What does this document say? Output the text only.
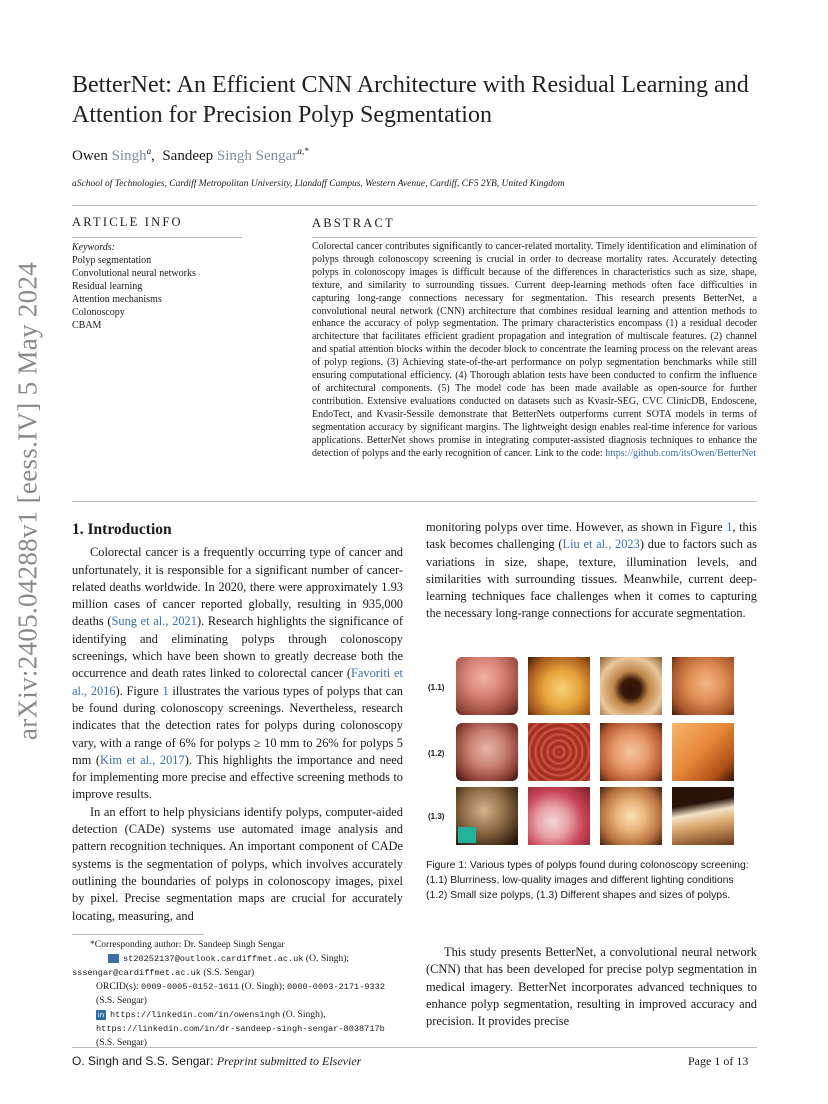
arXiv:2405.04288v1 [eess.IV] 5 May 2024
BetterNet: An Efficient CNN Architecture with Residual Learning and Attention for Precision Polyp Segmentation
Owen Singh$^a$,  Sandeep Singh Sengar$^{a,*}$
aSchool of Technologies, Cardiff Metropolitan University, Llandaff Campus, Western Avenue, Cardiff, CF5 2YB, United Kingdom
ARTICLE INFO
Keywords:
Polyp segmentation
Convolutional neural networks
Residual learning
Attention mechanisms
Colonoscopy
CBAM
ABSTRACT
Colorectal cancer contributes significantly to cancer-related mortality. Timely identification and elimination of polyps through colonoscopy screening is crucial in order to decrease mortality rates. Accurately detecting polyps in colonoscopy images is difficult because of the differences in characteristics such as size, shape, texture, and similarity to surrounding tissues. Current deep-learning methods often face difficulties in capturing long-range connections necessary for segmentation. This research presents BetterNet, a convolutional neural network (CNN) architecture that combines residual learning and attention methods to enhance the accuracy of polyp segmentation. The primary characteristics encompass (1) a residual decoder architecture that facilitates efficient gradient propagation and integration of multiscale features. (2) channel and spatial attention blocks within the decoder block to concentrate the learning process on the relevant areas of polyp regions. (3) Achieving state-of-the-art performance on polyp segmentation benchmarks while still ensuring computational efficiency. (4) Thorough ablation tests have been conducted to confirm the influence of architectural components. (5) The model code has been made available as open-source for further contribution. Extensive evaluations conducted on datasets such as Kvasir-SEG, CVC ClinicDB, Endoscene, EndoTect, and Kvasir-Sessile demonstrate that BetterNets outperforms current SOTA models in terms of segmentation accuracy by significant margins. The lightweight design enables real-time inference for various applications. BetterNet shows promise in integrating computer-assisted diagnosis techniques to enhance the detection of polyps and the early recognition of cancer. Link to the code: https://github.com/itsOwen/BetterNet
1. Introduction

Colorectal cancer is a frequently occurring type of cancer and unfortunately, it is responsible for a significant number of cancer-related deaths worldwide. In 2020, there were approximately 1.93 million cases of cancer reported globally, resulting in 935,000 deaths (Sung et al., 2021). Research highlights the significance of identifying and eliminating polyps through colonoscopy screenings, which have been shown to greatly decrease both the occurrence and death rates linked to colorectal cancer (Favoriti et al., 2016). Figure 1 illustrates the various types of polyps that can be found during colonoscopy screenings. Nevertheless, research indicates that the detection rates for polyps during colonoscopy vary, with a range of 6% for polyps ≥ 10 mm to 26% for polyps 5 mm (Kim et al., 2017). This highlights the importance and need for implementing more precise and effective screening methods to improve results.

In an effort to help physicians identify polyps, computer-aided detection (CADe) systems use automated image analysis and pattern recognition techniques. An important component of CADe systems is the segmentation of polyps, which involves accurately outlining the boundaries of polyps in colonoscopy images, pixel by pixel. Precise segmentation maps are crucial for accurately locating, measuring, and

monitoring polyps over time. However, as shown in Figure 1, this task becomes challenging (Liu et al., 2023) due to factors such as variations in size, shape, texture, illumination levels, and similarities with surrounding tissues. Meanwhile, current deep-learning techniques face challenges when it comes to capturing the necessary long-range connections for accurate segmentation.
(1.1)
(1.2)
(1.3)
Figure 1: Various types of polyps found during colonoscopy screening: (1.1) Blurriness, low-quality images and different lighting conditions (1.2) Small size polyps, (1.3) Different shapes and sizes of polyps.

This study presents BetterNet, a convolutional neural network (CNN) that has been developed for precise polyp segmentation in medical imagery. BetterNet incorporates advanced techniques to enhance polyp segmentation, resulting in improved accuracy and precision. It provides precise

*Corresponding author: Dr. Sandeep Singh Sengar
st20252137@outlook.cardiffmet.ac.uk (O. Singh);
sssengar@cardiffmet.ac.uk (S.S. Sengar)
ORCID(s): 0009-0005-0152-1611 (O. Singh); 0000-0003-2171-9332 (S.S. Sengar)
in https://linkedin.com/in/owensingh (O. Singh), https://linkedin.com/in/dr-sandeep-singh-sengar-8038717b (S.S. Sengar)
O. Singh and S.S. Sengar: Preprint submitted to Elsevier	Page 1 of 13
